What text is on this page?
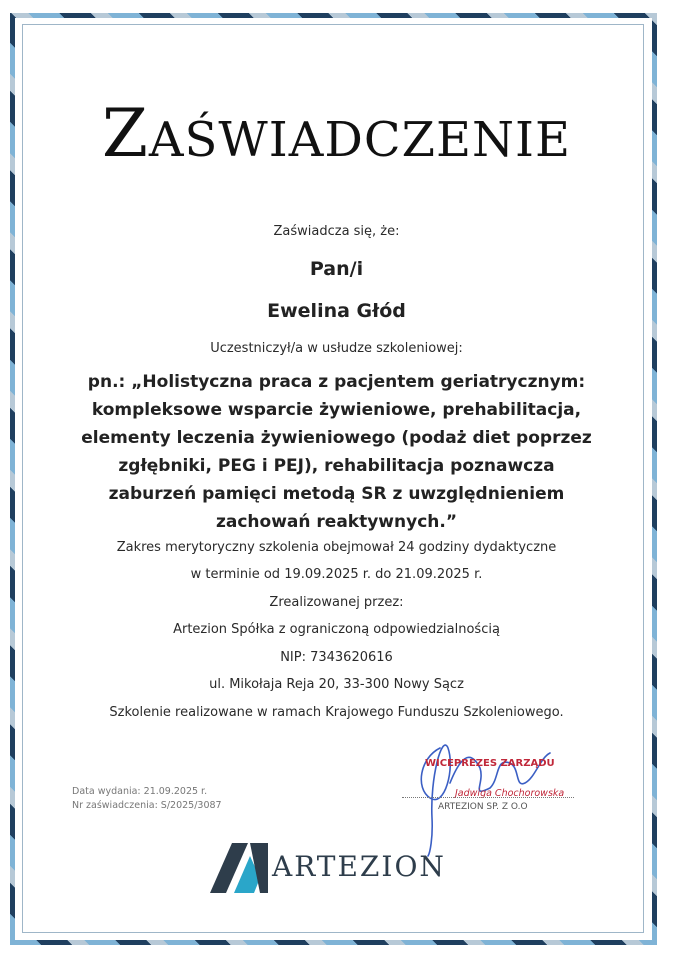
ZAŚWIADCZENIE
Zaświadcza się, że:
Pan/i
Ewelina Głód
Uczestniczył/a w usłudze szkoleniowej:
pn.: „Holistyczna praca z pacjentem geriatrycznym:
kompleksowe wsparcie żywieniowe, prehabilitacja,
elementy leczenia żywieniowego (podaż diet poprzez
zgłębniki, PEG i PEJ), rehabilitacja poznawcza
zaburzeń pamięci metodą SR z uwzględnieniem
zachowań reaktywnych.”
Zakres merytoryczny szkolenia obejmował 24 godziny dydaktyczne
w terminie od 19.09.2025 r. do 21.09.2025 r.
Zrealizowanej przez:
Artezion Spółka z ograniczoną odpowiedzialnością
NIP: 7343620616
ul. Mikołaja Reja 20, 33-300 Nowy Sącz
Szkolenie realizowane w ramach Krajowego Funduszu Szkoleniowego.
Data wydania: 21.09.2025 r.
Nr zaświadczenia: S/2025/3087
WICEPREZES ZARZĄDU
Jadwiga Chochorowska
ARTEZION SP. Z O.O
ARTEZION
